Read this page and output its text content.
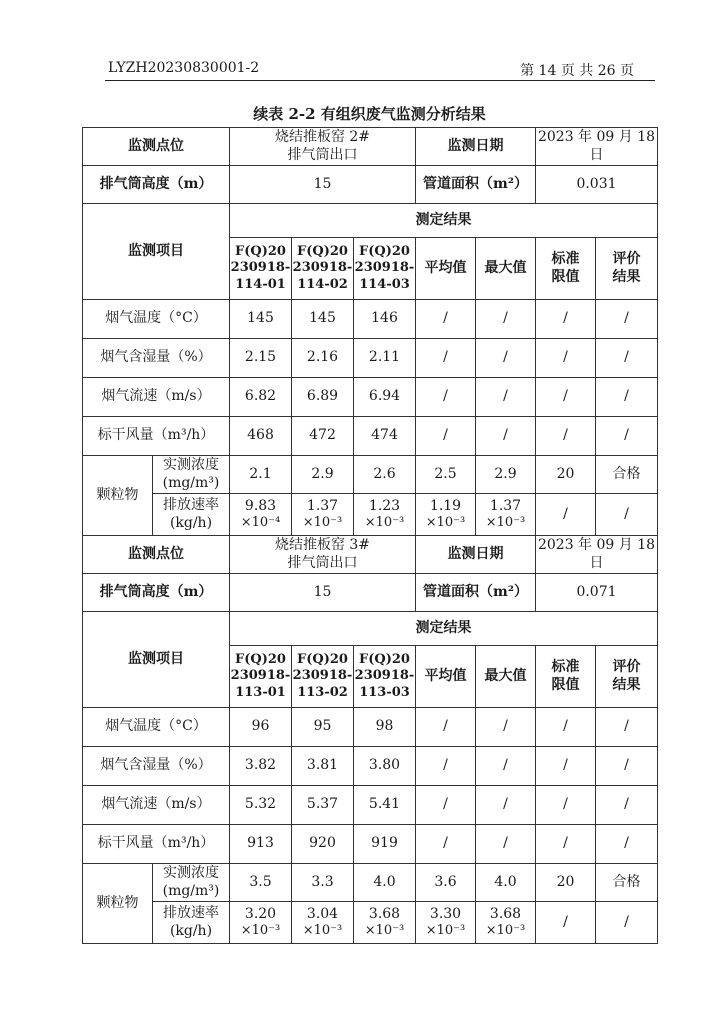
LYZH20230830001-2	第 14 页 共 26 页
续表 2-2 有组织废气监测分析结果
监测点位		烧结推板窑 2#
排气筒出口			监测日期		2023 年 09 月 18 日	
排气筒高度（m）		15			管道面积（m²）		0.031	
监测项目		测定结果						

		F(Q)20
230918-
114-01	F(Q)20
230918-
114-02	F(Q)20
230918-
114-03	平均值	最大值	标准
限值	评价
结果

烟气温度（°C）		145	145	146	/	/	/	/
烟气含湿量（%）		2.15	2.16	2.11	/	/	/	/
烟气流速（m/s）		6.82	6.89	6.94	/	/	/	/
标干风量（m³/h）		468	472	474	/	/	/	/
颗粒物	实测浓度
(mg/m³)	2.1	2.9	2.6	2.5	2.9	20	合格

	排放速率
(kg/h)	9.83
×10⁻⁴	1.37
×10⁻³	1.23
×10⁻³	1.19
×10⁻³	1.37
×10⁻³	/	/
监测点位		烧结推板窑 3#
排气筒出口			监测日期		2023 年 09 月 18 日	
排气筒高度（m）		15			管道面积（m²）		0.071	
监测项目		测定结果						

		F(Q)20
230918-
113-01	F(Q)20
230918-
113-02	F(Q)20
230918-
113-03	平均值	最大值	标准
限值	评价
结果

烟气温度（°C）		96	95	98	/	/	/	/
烟气含湿量（%）		3.82	3.81	3.80	/	/	/	/
烟气流速（m/s）		5.32	5.37	5.41	/	/	/	/
标干风量（m³/h）		913	920	919	/	/	/	/
颗粒物	实测浓度
(mg/m³)	3.5	3.3	4.0	3.6	4.0	20	合格

	排放速率
(kg/h)	3.20
×10⁻³	3.04
×10⁻³	3.68
×10⁻³	3.30
×10⁻³	3.68
×10⁻³	/	/
